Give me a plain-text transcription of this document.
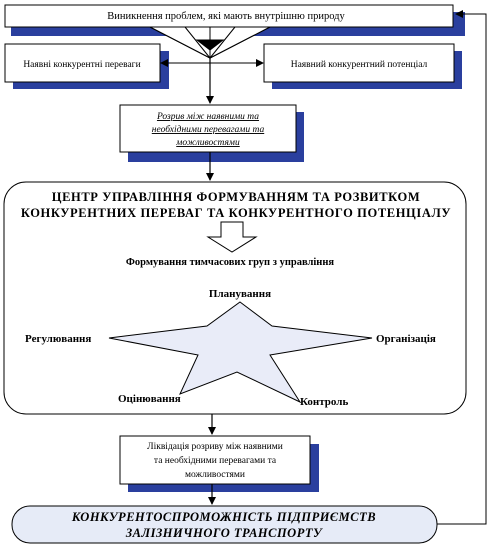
Виникнення проблем, які мають внутрішню природу
Наявні конкурентні переваги	Наявний конкурентний потенціал
Розрив між наявними та
необхідними перевагами та
можливостями
ЦЕНТР УПРАВЛІННЯ ФОРМУВАННЯМ ТА РОЗВИТКОМ
КОНКУРЕНТНИХ ПЕРЕВАГ ТА КОНКУРЕНТНОГО ПОТЕНЦІАЛУ
Формування тимчасових груп з управління
Планування
Регулювання	Організація
Оцінювання	Контроль
Ліквідація розриву між наявними
та необхідними перевагами та
можливостями
КОНКУРЕНТОСПРОМОЖНІСТЬ ПІДПРИЄМСТВ
ЗАЛІЗНИЧНОГО ТРАНСПОРТУ
